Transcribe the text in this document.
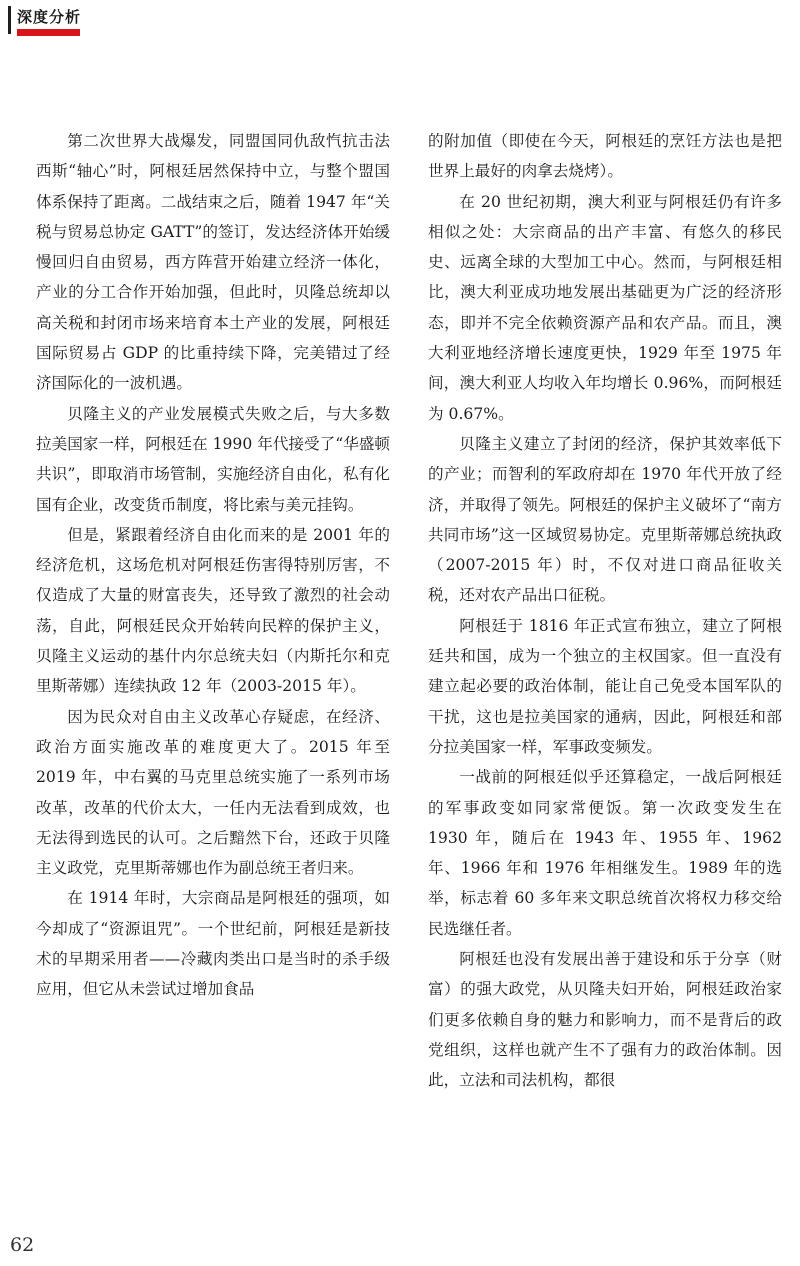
深度分析

第二次世界大战爆发，同盟国同仇敌忾抗击法西斯“轴心”时，阿根廷居然保持中立，与整个盟国体系保持了距离。二战结束之后，随着 1947 年“关税与贸易总协定 GATT”的签订，发达经济体开始缓慢回归自由贸易，西方阵营开始建立经济一体化，产业的分工合作开始加强，但此时，贝隆总统却以高关税和封闭市场来培育本土产业的发展，阿根廷国际贸易占 GDP 的比重持续下降，完美错过了经济国际化的一波机遇。

贝隆主义的产业发展模式失败之后，与大多数拉美国家一样，阿根廷在 1990 年代接受了“华盛顿共识”，即取消市场管制，实施经济自由化，私有化国有企业，改变货币制度，将比索与美元挂钩。

但是，紧跟着经济自由化而来的是 2001 年的经济危机，这场危机对阿根廷伤害得特别厉害，不仅造成了大量的财富丧失，还导致了激烈的社会动荡，自此，阿根廷民众开始转向民粹的保护主义，贝隆主义运动的基什内尔总统夫妇（内斯托尔和克里斯蒂娜）连续执政 12 年（2003-2015 年）。

因为民众对自由主义改革心存疑虑，在经济、政治方面实施改革的难度更大了。2015 年至 2019 年，中右翼的马克里总统实施了一系列市场改革，改革的代价太大，一任内无法看到成效，也无法得到选民的认可。之后黯然下台，还政于贝隆主义政党，克里斯蒂娜也作为副总统王者归来。

在 1914 年时，大宗商品是阿根廷的强项，如今却成了“资源诅咒”。一个世纪前，阿根廷是新技术的早期采用者——冷藏肉类出口是当时的杀手级应用，但它从未尝试过增加食品

的附加值（即使在今天，阿根廷的烹饪方法也是把世界上最好的肉拿去烧烤）。

在 20 世纪初期，澳大利亚与阿根廷仍有许多相似之处：大宗商品的出产丰富、有悠久的移民史、远离全球的大型加工中心。然而，与阿根廷相比，澳大利亚成功地发展出基础更为广泛的经济形态，即并不完全依赖资源产品和农产品。而且，澳大利亚地经济增长速度更快，1929 年至 1975 年间，澳大利亚人均收入年均增长 0.96%，而阿根廷为 0.67%。

贝隆主义建立了封闭的经济，保护其效率低下的产业；而智利的军政府却在 1970 年代开放了经济，并取得了领先。阿根廷的保护主义破坏了“南方共同市场”这一区域贸易协定。克里斯蒂娜总统执政（2007-2015 年）时，不仅对进口商品征收关税，还对农产品出口征税。

阿根廷于 1816 年正式宣布独立，建立了阿根廷共和国，成为一个独立的主权国家。但一直没有建立起必要的政治体制，能让自己免受本国军队的干扰，这也是拉美国家的通病，因此，阿根廷和部分拉美国家一样，军事政变频发。

一战前的阿根廷似乎还算稳定，一战后阿根廷的军事政变如同家常便饭。第一次政变发生在 1930 年，随后在 1943 年、1955 年、1962 年、1966 年和 1976 年相继发生。1989 年的选举，标志着 60 多年来文职总统首次将权力移交给民选继任者。

阿根廷也没有发展出善于建设和乐于分享（财富）的强大政党，从贝隆夫妇开始，阿根廷政治家们更多依赖自身的魅力和影响力，而不是背后的政党组织，这样也就产生不了强有力的政治体制。因此，立法和司法机构，都很

62
